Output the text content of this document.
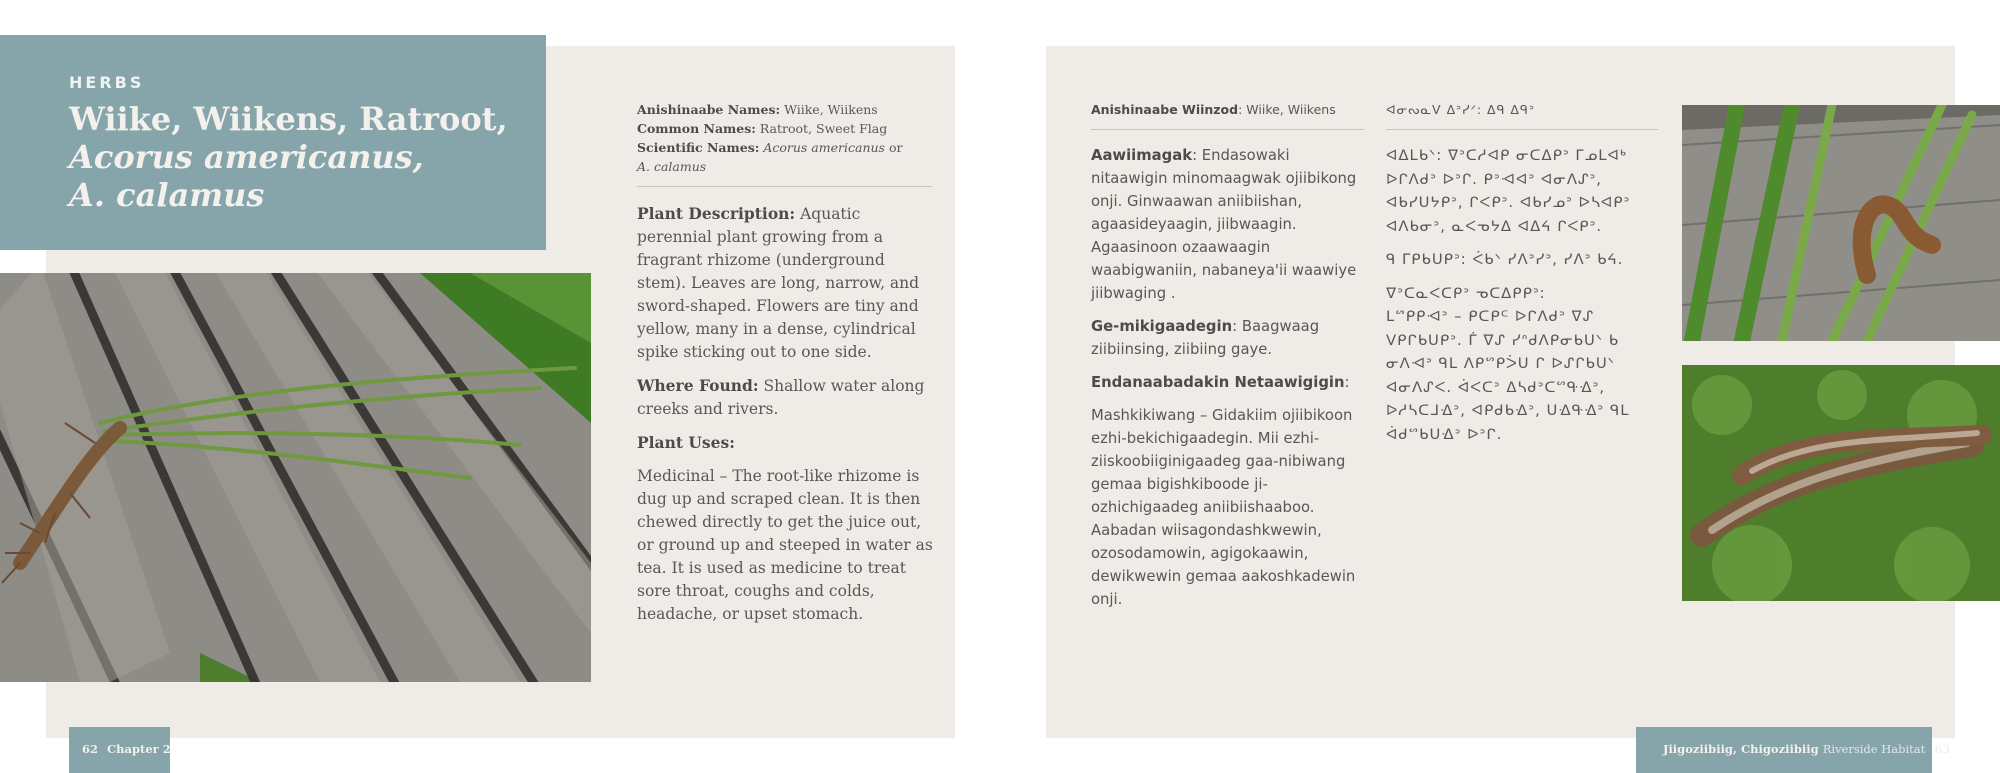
HERBS
Wiike, Wiikens, Ratroot,
Acorus americanus,
A. calamus
Anishinaabe Names: Wiike, Wiikens
Common Names: Ratroot, Sweet Flag
Scientific Names: Acorus americanus or
A. calamus

Plant Description: Aquatic perennial plant growing from a fragrant rhizome (underground stem). Leaves are long, narrow, and sword-shaped. Flowers are tiny and yellow, many in a dense, cylindrical spike sticking out to one side.

Where Found: Shallow water along creeks and rivers.

Plant Uses:

Medicinal – The root-like rhizome is dug up and scraped clean. It is then chewed directly to get the juice out, or ground up and steeped in water as tea. It is used as medicine to treat sore throat, coughs and colds, headache, or upset stomach.

62 Chapter 2
Anishinaabe Wiinzod: Wiike, Wiikens

Aawiimagak: Endasowaki nitaawigin minomaagwak ojiibikong onji. Ginwaawan aniibiishan, agaasideyaagin, jiibwaagin. Agaasinoon ozaawaagin waabigwaniin, nabaneya'ii waawiye jiibwaging .

Ge-mikigaadegin: Baagwaag ziibiinsing, ziibiing gaye.

Endanaabadakin Netaawigigin:

Mashkikiwang – Gidakiim ojiibikoon ezhi-bekichigaadegin. Mii ezhi-ziiskoobiiginigaadeg gaa-nibiwang gemaa bigishkiboode ji-ozhichigaadeg aniibiishaaboo. Aabadan wiisagondashkwewin, ozosodamowin, agigokaawin, dewikwewin gemaa aakoshkadewin onji.

ᐊᓂᔓᓇᐯ ᐃᐣᓯᐟ: ᐃᑫ ᐃᑫᐣ

ᐊᐃᒪᑲᐠ: ᐁᐣᑕᓱᐊᑭ ᓂᑕᐃᑭᐣ ᒥᓄᒪᐊᒃ ᐅᒋᐱᑯᐣ ᐅᐣᒋ. ᑭᐣᐗᐊᐣ ᐊᓂᐱᔑᐣ, ᐊᑲᓯᑌᔭᑭᐣ, ᒋᐸᑭᐣ. ᐊᑲᓯᓄᐣ ᐅᓴᐊᑭᐣ ᐊᐱᑲᓂᐣ, ᓇᐸᓀᔭᐃ ᐊᐃᔦ ᒋᐸᑭᐣ.

ᑫ ᒥᑭᑲᑌᑭᐣ: ᐹᑲᐠ ᓯᐱᐣᓯᐣ, ᓯᐱᐣ ᑲᔦ.

ᐁᐣᑕᓇᐸᑕᑭᐣ ᓀᑕᐃᑭᑭᐣ:

ᒪᔥᑭᑭᐗᐣ – ᑭᑕᑭᒼ ᐅᒋᐱᑯᐣ ᐁᔑ ᐯᑭᒋᑲᑌᑭᐣ. ᒦ ᐁᔑ ᓯᐢᑯᐱᑭᓂᑲᑌᐠ ᑲ ᓂᐱᐗᐣ ᑫᒪ ᐱᑭᔥᑭᐴᑌ ᒋ ᐅᔑᒋᑲᑌᐠ ᐊᓂᐱᔑᐸ. ᐋᐸᑕᐣ ᐃᓴᑯᐣᑕᔥᑵᐎᐣ, ᐅᓱᓴᑕᒧᐎᐣ, ᐊᑭᑯᑲᐎᐣ, ᑌᐎᑵᐎᐣ ᑫᒪ ᐋᑯᔥᑲᑌᐎᐣ ᐅᐣᒋ.

Jiigoziibiig, Chigoziibiig Riverside Habitat 63
